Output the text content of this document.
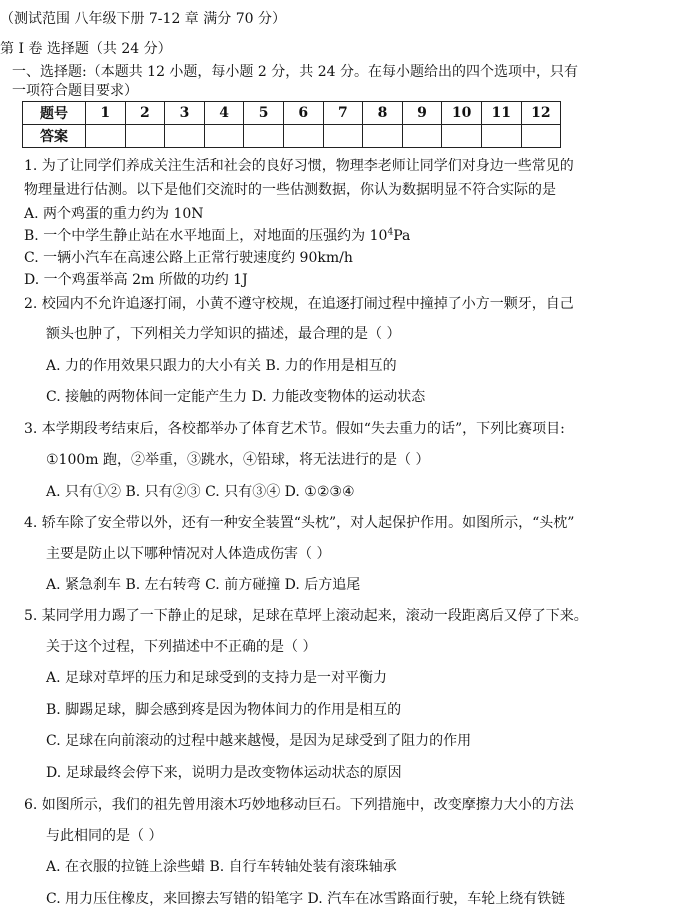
（测试范围 八年级下册 7-12 章 满分 70 分）
第 I 卷 选择题（共 24 分）
一、选择题:（本题共 12 小题，每小题 2 分，共 24 分。在每小题给出的四个选项中，只有
一项符合题目要求）
题号	1	2	3	4	5	6	7	8	9	10	11	12
答案												
1. 为了让同学们养成关注生活和社会的良好习惯，物理李老师让同学们对身边一些常见的
物理量进行估测。以下是他们交流时的一些估测数据，你认为数据明显不符合实际的是
A. 两个鸡蛋的重力约为 10N
B. 一个中学生静止站在水平地面上，对地面的压强约为 $10^4Pa$
C. 一辆小汽车在高速公路上正常行驶速度约 90km/h
D. 一个鸡蛋举高 2m 所做的功约 1J
2. 校园内不允许追逐打闹，小黄不遵守校规，在追逐打闹过程中撞掉了小方一颗牙，自己
额头也肿了，下列相关力学知识的描述，最合理的是（ ）
A. 力的作用效果只跟力的大小有关 B. 力的作用是相互的
C. 接触的两物体间一定能产生力 D. 力能改变物体的运动状态
3. 本学期段考结束后，各校都举办了体育艺术节。假如“失去重力的话”，下列比赛项目:
①100m 跑，②举重，③跳水，④铅球，将无法进行的是（ ）
A. 只有①② B. 只有②③ C. 只有③④ D. ①②③④
4. 轿车除了安全带以外，还有一种安全装置“头枕”，对人起保护作用。如图所示，“头枕”
主要是防止以下哪种情况对人体造成伤害（ ）
A. 紧急刹车 B. 左右转弯 C. 前方碰撞 D. 后方追尾
5. 某同学用力踢了一下静止的足球，足球在草坪上滚动起来，滚动一段距离后又停了下来。
关于这个过程，下列描述中不正确的是（ ）
A. 足球对草坪的压力和足球受到的支持力是一对平衡力
B. 脚踢足球，脚会感到疼是因为物体间力的作用是相互的
C. 足球在向前滚动的过程中越来越慢，是因为足球受到了阻力的作用
D. 足球最终会停下来，说明力是改变物体运动状态的原因
6. 如图所示，我们的祖先曾用滚木巧妙地移动巨石。下列措施中，改变摩擦力大小的方法
与此相同的是（ ）
A. 在衣服的拉链上涂些蜡 B. 自行车转轴处装有滚珠轴承
C. 用力压住橡皮，来回擦去写错的铅笔字 D. 汽车在冰雪路面行驶，车轮上绕有铁链
